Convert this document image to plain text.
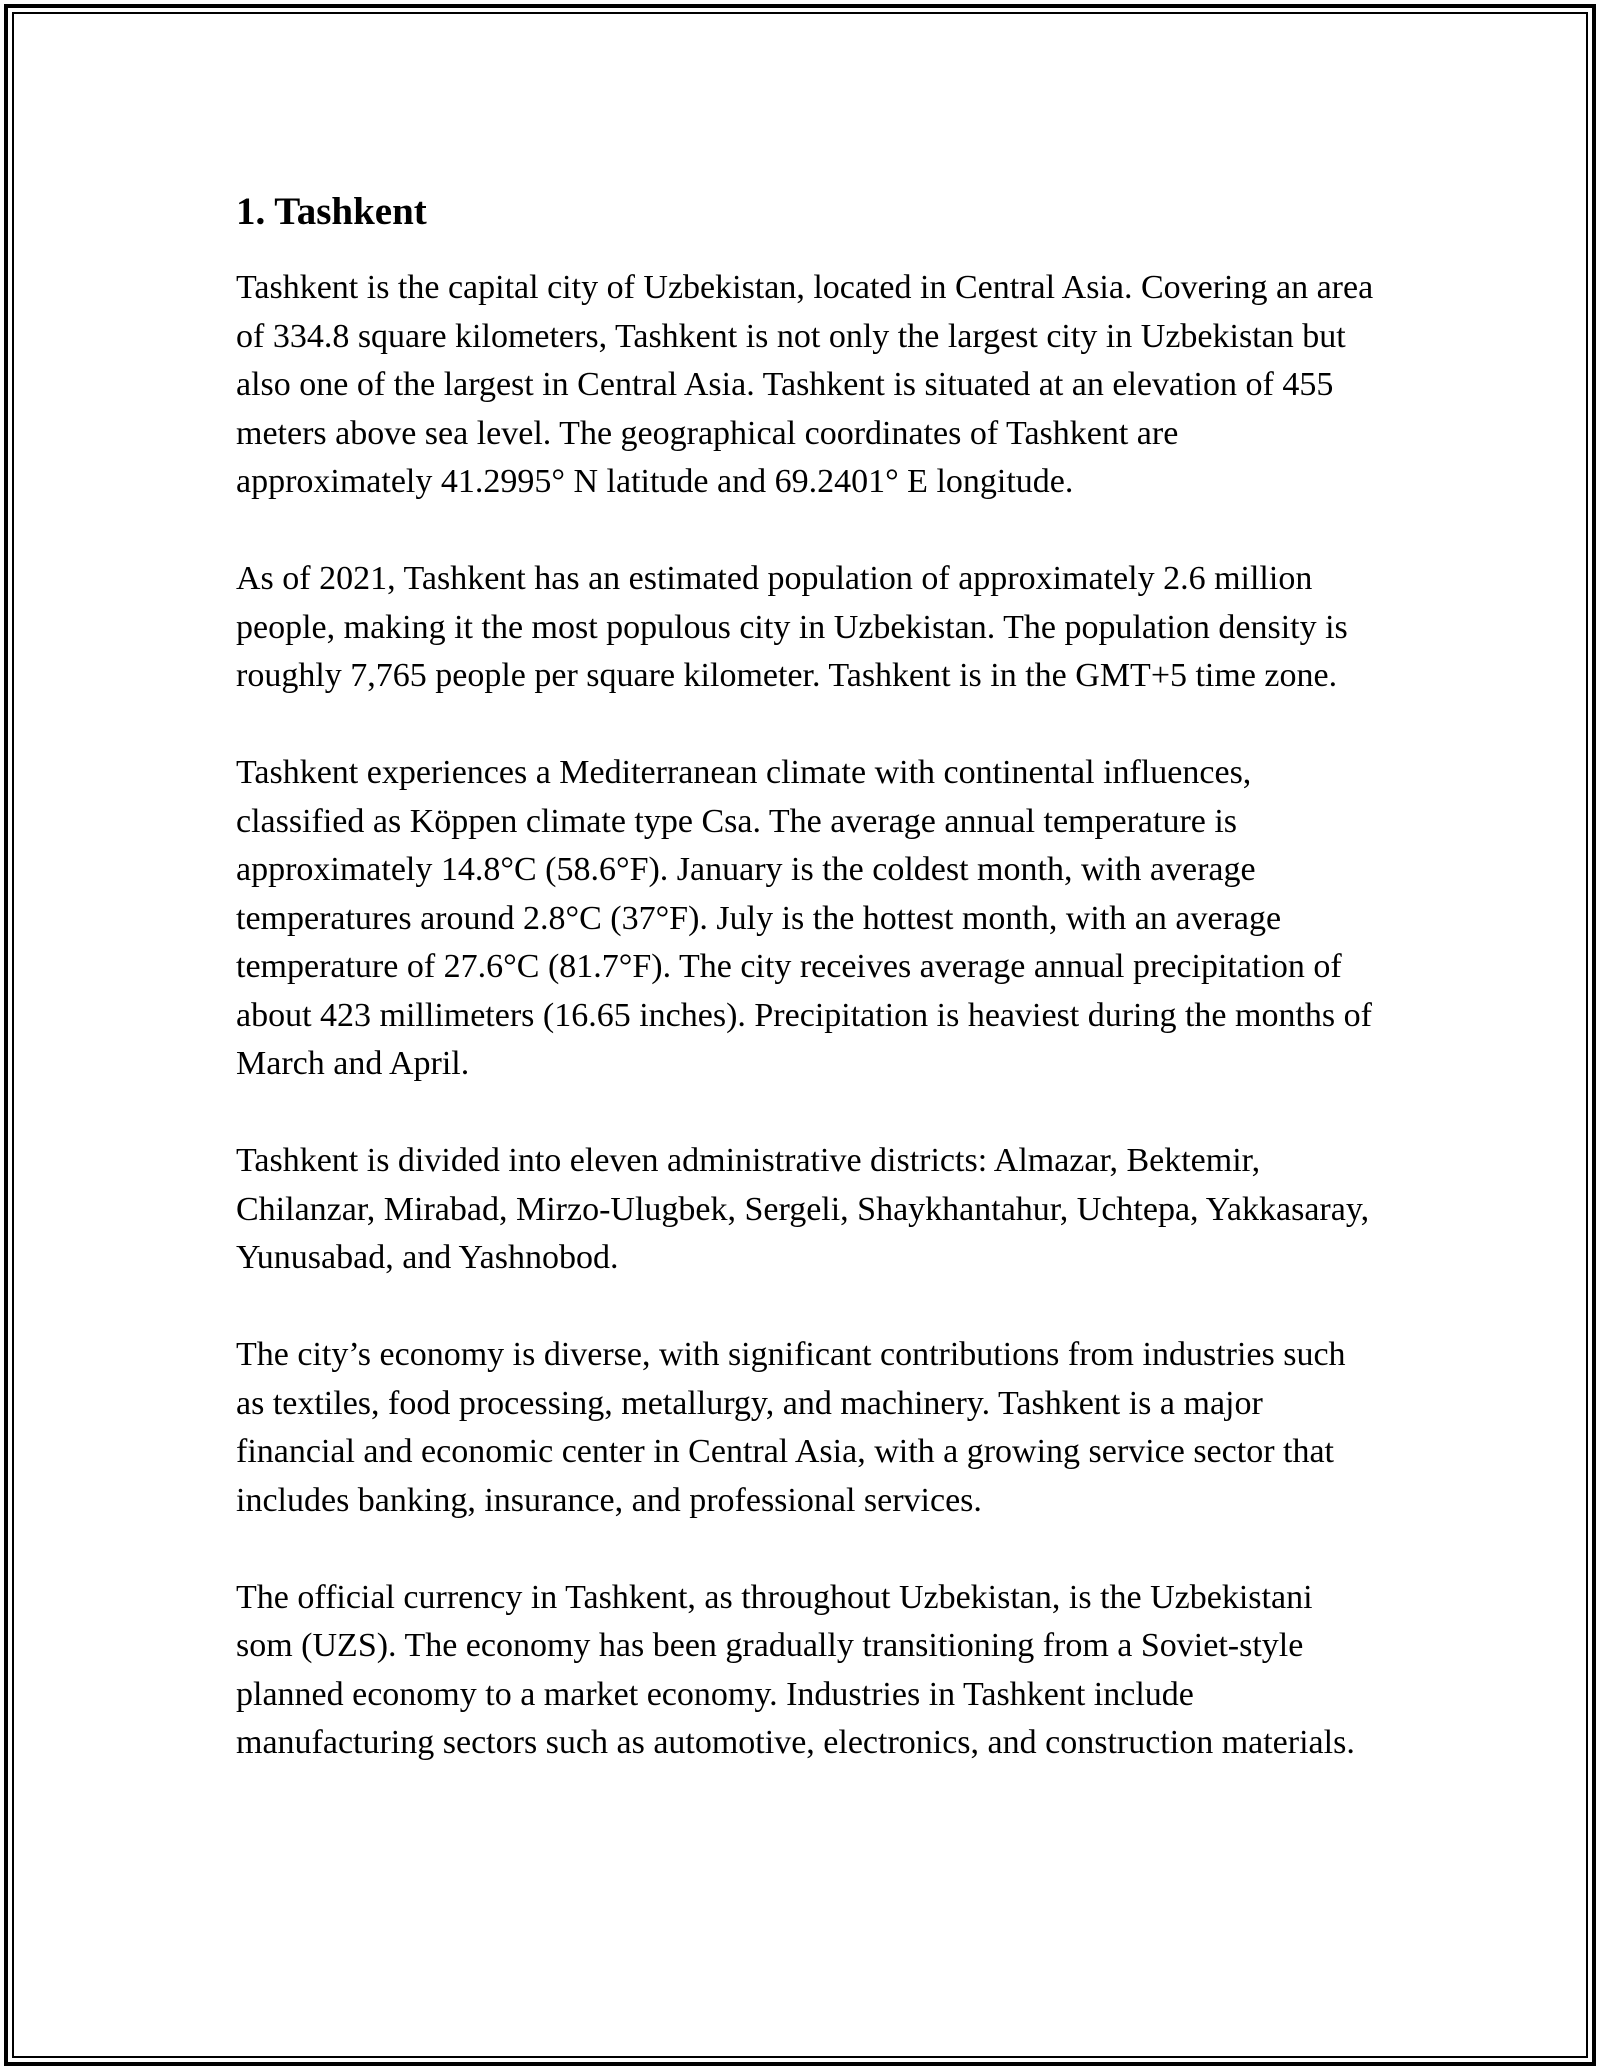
1. Tashkent

Tashkent is the capital city of Uzbekistan, located in Central Asia. Covering an area of 334.8 square kilometers, Tashkent is not only the largest city in Uzbekistan but also one of the largest in Central Asia. Tashkent is situated at an elevation of 455 meters above sea level. The geographical coordinates of Tashkent are approximately 41.2995° N latitude and 69.2401° E longitude.

As of 2021, Tashkent has an estimated population of approximately 2.6 million people, making it the most populous city in Uzbekistan. The population density is roughly 7,765 people per square kilometer. Tashkent is in the GMT+5 time zone.

Tashkent experiences a Mediterranean climate with continental influences, classified as Köppen climate type Csa. The average annual temperature is approximately 14.8°C (58.6°F). January is the coldest month, with average temperatures around 2.8°C (37°F). July is the hottest month, with an average temperature of 27.6°C (81.7°F). The city receives average annual precipitation of about 423 millimeters (16.65 inches). Precipitation is heaviest during the months of March and April.

Tashkent is divided into eleven administrative districts: Almazar, Bektemir, Chilanzar, Mirabad, Mirzo-Ulugbek, Sergeli, Shaykhantahur, Uchtepa, Yakkasaray, Yunusabad, and Yashnobod.

The city’s economy is diverse, with significant contributions from industries such as textiles, food processing, metallurgy, and machinery. Tashkent is a major financial and economic center in Central Asia, with a growing service sector that includes banking, insurance, and professional services.

The official currency in Tashkent, as throughout Uzbekistan, is the Uzbekistani som (UZS). The economy has been gradually transitioning from a Soviet-style planned economy to a market economy. Industries in Tashkent include manufacturing sectors such as automotive, electronics, and construction materials.
